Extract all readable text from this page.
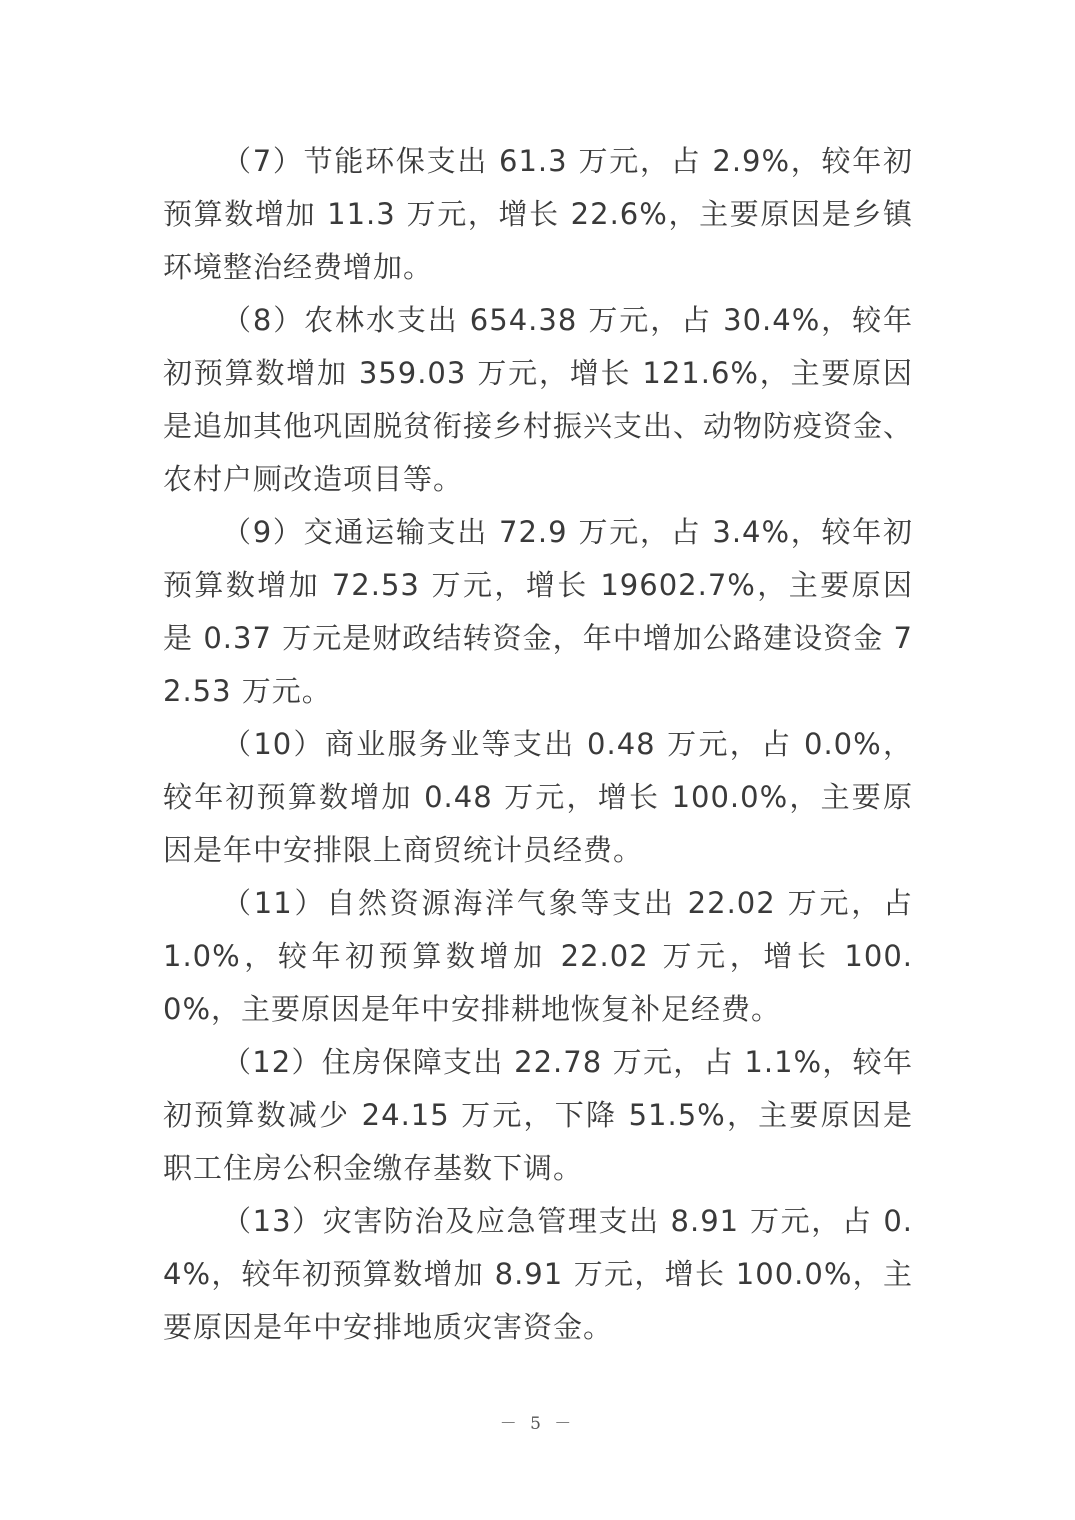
（7）节能环保支出 61.3 万元，占 2.9%，较年初预算数增加 11.3 万元，增长 22.6%，主要原因是乡镇环境整治经费增加。

（8）农林水支出 654.38 万元，占 30.4%，较年初预算数增加 359.03 万元，增长 121.6%，主要原因是追加其他巩固脱贫衔接乡村振兴支出、动物防疫资金、农村户厕改造项目等。

（9）交通运输支出 72.9 万元，占 3.4%，较年初预算数增加 72.53 万元，增长 19602.7%，主要原因是 0.37 万元是财政结转资金，年中增加公路建设资金 72.53 万元。

（10）商业服务业等支出 0.48 万元，占 0.0%，较年初预算数增加 0.48 万元，增长 100.0%，主要原因是年中安排限上商贸统计员经费。

（11）自然资源海洋气象等支出 22.02 万元，占 1.0%，较年初预算数增加 22.02 万元，增长 100.0%，主要原因是年中安排耕地恢复补足经费。

（12）住房保障支出 22.78 万元，占 1.1%，较年初预算数减少 24.15 万元，下降 51.5%，主要原因是职工住房公积金缴存基数下调。

（13）灾害防治及应急管理支出 8.91 万元，占 0.4%，较年初预算数增加 8.91 万元，增长 100.0%，主要原因是年中安排地质灾害资金。

－ 5 －
